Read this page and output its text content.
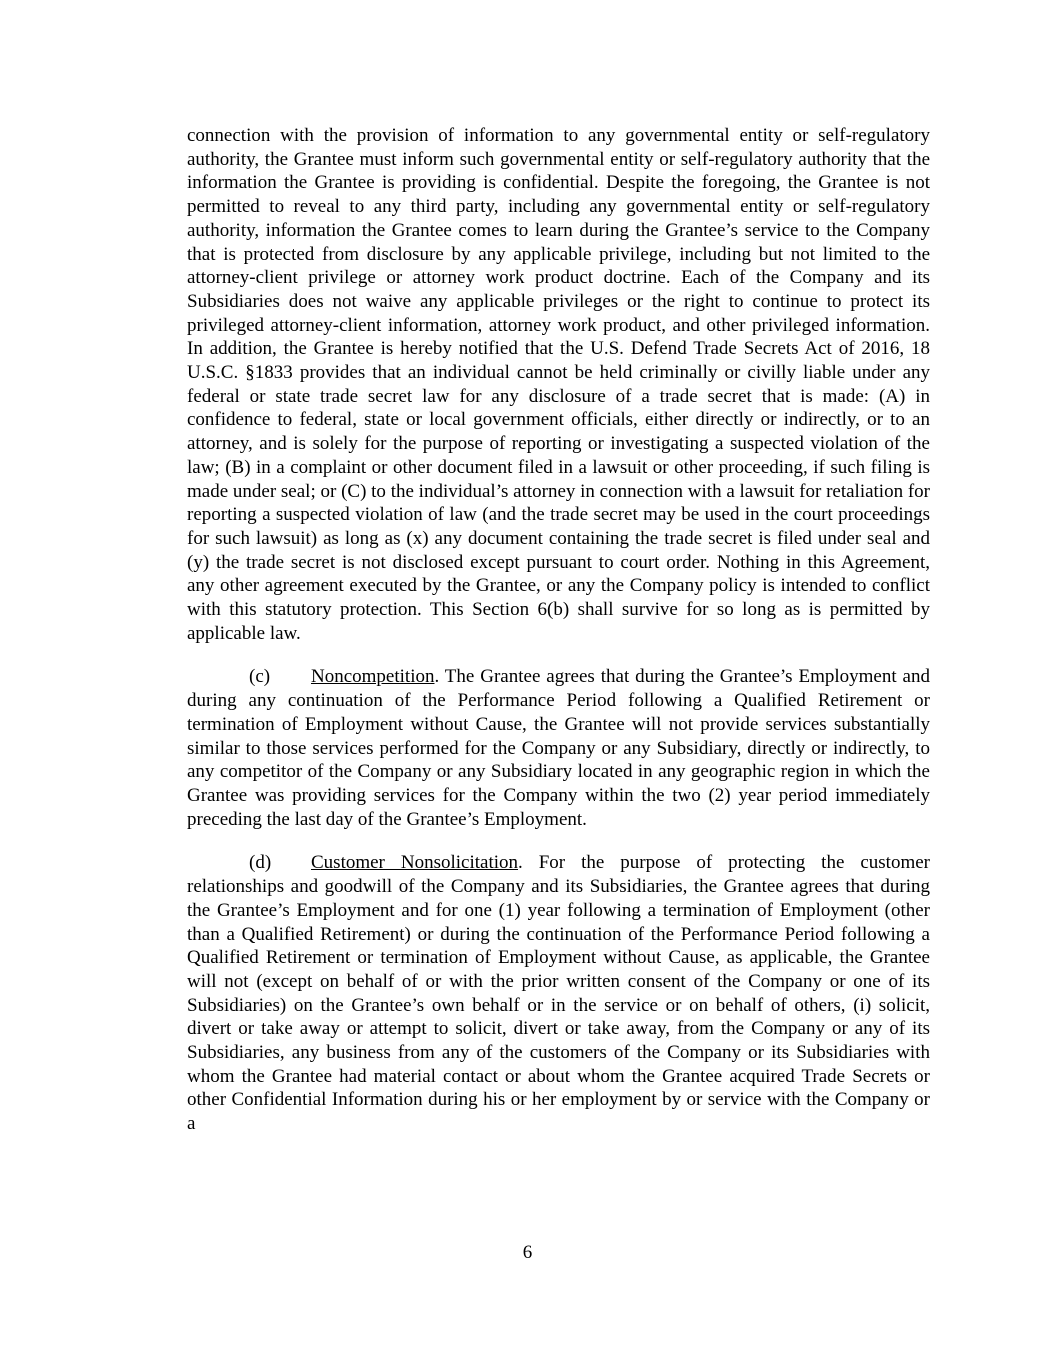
connection with the provision of information to any governmental entity or self-regulatory authority, the Grantee must inform such governmental entity or self-regulatory authority that the information the Grantee is providing is confidential. Despite the foregoing, the Grantee is not permitted to reveal to any third party, including any governmental entity or self-regulatory authority, information the Grantee comes to learn during the Grantee’s service to the Company that is protected from disclosure by any applicable privilege, including but not limited to the attorney-client privilege or attorney work product doctrine. Each of the Company and its Subsidiaries does not waive any applicable privileges or the right to continue to protect its privileged attorney-client information, attorney work product, and other privileged information. In addition, the Grantee is hereby notified that the U.S. Defend Trade Secrets Act of 2016, 18 U.S.C. §1833 provides that an individual cannot be held criminally or civilly liable under any federal or state trade secret law for any disclosure of a trade secret that is made: (A) in confidence to federal, state or local government officials, either directly or indirectly, or to an attorney, and is solely for the purpose of reporting or investigating a suspected violation of the law; (B) in a complaint or other document filed in a lawsuit or other proceeding, if such filing is made under seal; or (C) to the individual’s attorney in connection with a lawsuit for retaliation for reporting a suspected violation of law (and the trade secret may be used in the court proceedings for such lawsuit) as long as (x) any document containing the trade secret is filed under seal and (y) the trade secret is not disclosed except pursuant to court order. Nothing in this Agreement, any other agreement executed by the Grantee, or any the Company policy is intended to conflict with this statutory protection. This Section 6(b) shall survive for so long as is permitted by applicable law.

(c) Noncompetition. The Grantee agrees that during the Grantee’s Employment and during any continuation of the Performance Period following a Qualified Retirement or termination of Employment without Cause, the Grantee will not provide services substantially similar to those services performed for the Company or any Subsidiary, directly or indirectly, to any competitor of the Company or any Subsidiary located in any geographic region in which the Grantee was providing services for the Company within the two (2) year period immediately preceding the last day of the Grantee’s Employment.

(d) Customer Nonsolicitation. For the purpose of protecting the customer relationships and goodwill of the Company and its Subsidiaries, the Grantee agrees that during the Grantee’s Employment and for one (1) year following a termination of Employment (other than a Qualified Retirement) or during the continuation of the Performance Period following a Qualified Retirement or termination of Employment without Cause, as applicable, the Grantee will not (except on behalf of or with the prior written consent of the Company or one of its Subsidiaries) on the Grantee’s own behalf or in the service or on behalf of others, (i) solicit, divert or take away or attempt to solicit, divert or take away, from the Company or any of its Subsidiaries, any business from any of the customers of the Company or its Subsidiaries with whom the Grantee had material contact or about whom the Grantee acquired Trade Secrets or other Confidential Information during his or her employment by or service with the Company or a

6
